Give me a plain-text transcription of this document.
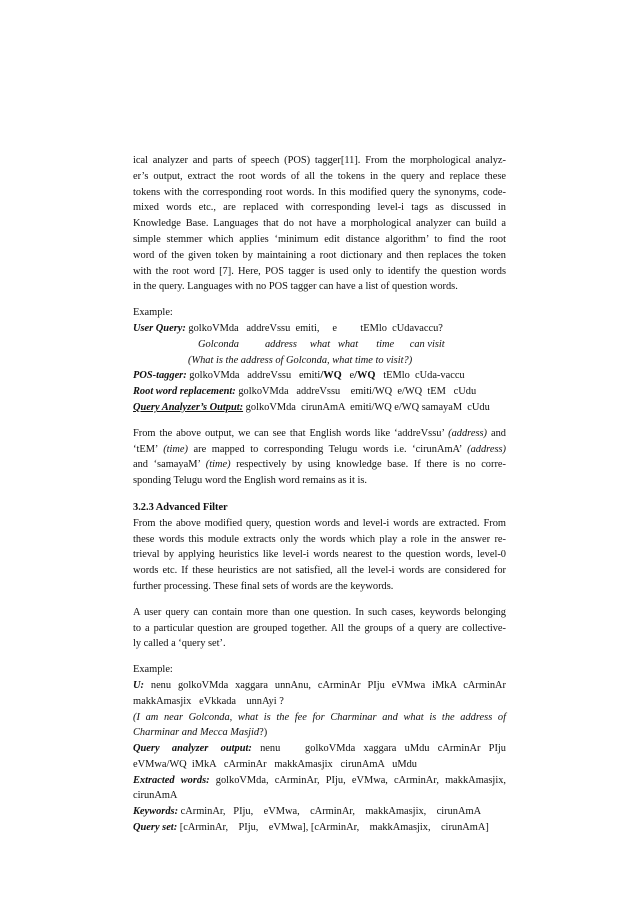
ical analyzer and parts of speech (POS) tagger[11]. From the morphological analyz-
er’s output, extract the root words of all the tokens in the query and replace these
tokens with the corresponding root words. In this modified query the synonyms, code-
mixed words etc., are replaced with corresponding level-i tags as discussed in
Knowledge Base. Languages that do not have a morphological analyzer can build a
simple stemmer which applies ‘minimum edit distance algorithm’ to find the root
word of the given token by maintaining a root dictionary and then replaces the token
with the root word [7]. Here, POS tagger is used only to identify the question words
in the query. Languages with no POS tagger can have a list of question words.
Example:
User Query: golkoVMda   addreVssu  emiti,     e         tEMlo  cUdavaccu?
Golconda          address     what   what       time      can visit
(What is the address of Golconda, what time to visit?)
POS-tagger: golkoVMda   addreVssu   emiti/WQ   e/WQ   tEMlo  cUda-vaccu
Root word replacement: golkoVMda   addreVssu    emiti/WQ  e/WQ  tEM   cUdu
Query Analyzer’s Output: golkoVMda  cirunAmA  emiti/WQ e/WQ samayaM  cUdu
From the above output, we can see that English words like ‘addreVssu’ (address) and
‘tEM’ (time) are mapped to corresponding Telugu words i.e. ‘cirunAmA’ (address)
and ‘samayaM’ (time) respectively by using knowledge base. If there is no corre-
sponding Telugu word the English word remains as it is.
3.2.3 Advanced Filter
From the above modified query, question words and level-i words are extracted. From
these words this module extracts only the words which play a role in the answer re-
trieval by applying heuristics like level-i words nearest to the question words, level-0
words etc. If these heuristics are not satisfied, all the level-i words are considered for
further processing. These final sets of words are the keywords.
A user query can contain more than one question. In such cases, keywords belonging
to a particular question are grouped together. All the groups of a query are collective-
ly called a ‘query set’.
Example:
U: nenu golkoVMda xaggara unnAnu, cArminAr PIju eVMwa iMkA cArminAr
makkAmasjix   eVkkada    unnAyi ?
(I am near Golconda, what is the fee for Charminar and what is the address of
Charminar and Mecca Masjid?)
Query   analyzer   output:  nenu      golkoVMda  xaggara  uMdu  cArminAr  PIju
eVMwa/WQ  iMkA   cArminAr   makkAmasjix   cirunAmA   uMdu
Extracted words: golkoVMda, cArminAr, PIju, eVMwa, cArminAr, makkAmasjix,
cirunAmA
Keywords: cArminAr,   PIju,    eVMwa,    cArminAr,    makkAmasjix,    cirunAmA
Query set: [cArminAr,    PIju,    eVMwa], [cArminAr,    makkAmasjix,    cirunAmA]
